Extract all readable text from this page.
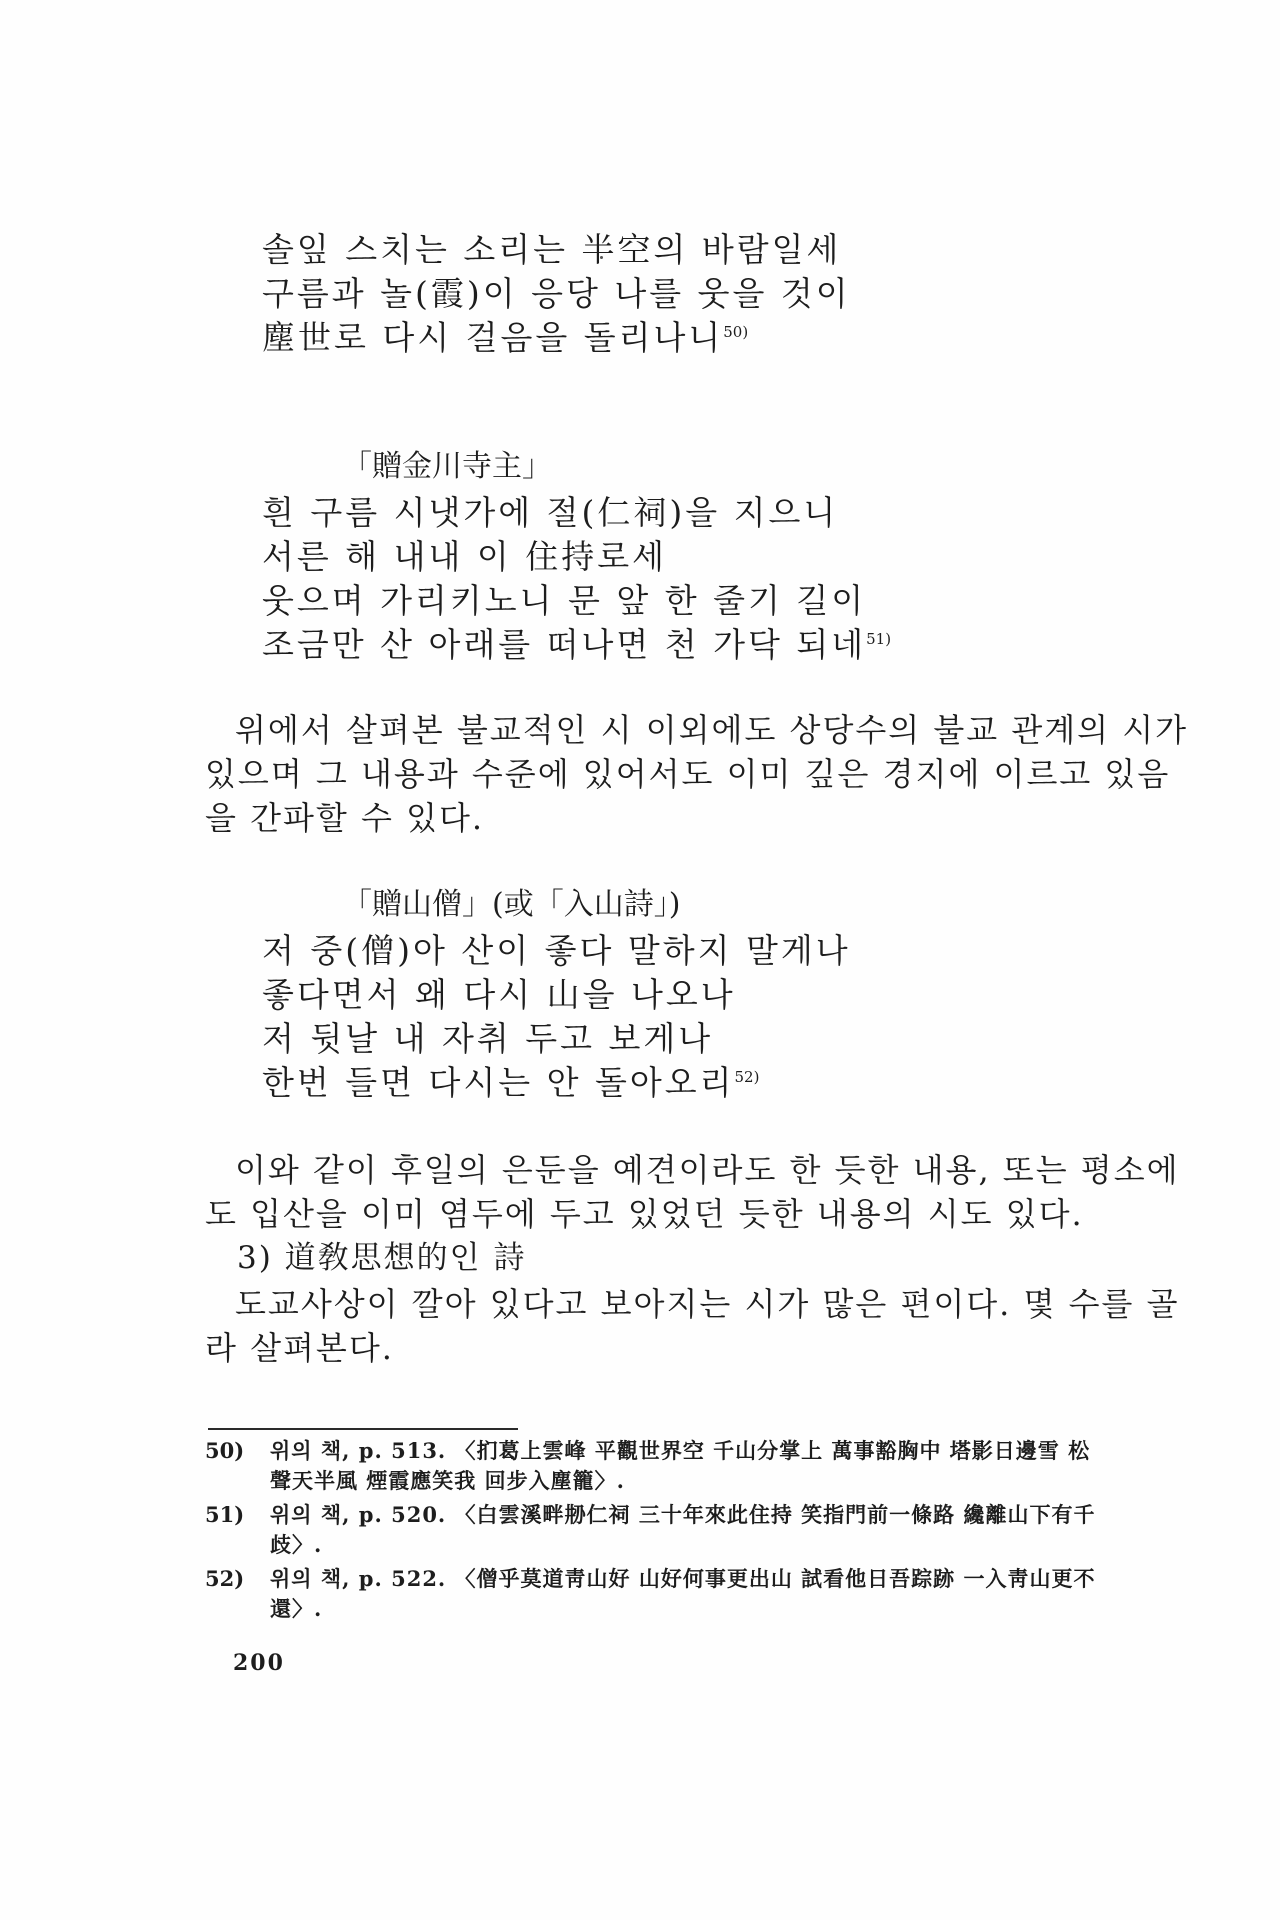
솔잎 스치는 소리는 半空의 바람일세
구름과 놀(霞)이 응당 나를 웃을 것이
塵世로 다시 걸음을 돌리나니$^{50)}$
「贈金川寺主」
흰 구름 시냇가에 절(仁祠)을 지으니
서른 해 내내 이 住持로세
웃으며 가리키노니 문 앞 한 줄기 길이
조금만 산 아래를 떠나면 천 가닥 되네$^{51)}$
위에서 살펴본 불교적인 시 이외에도 상당수의 불교 관계의 시가
있으며 그 내용과 수준에 있어서도 이미 깊은 경지에 이르고 있음
을 간파할 수 있다.
「贈山僧」(或「入山詩」)
저 중(僧)아 산이 좋다 말하지 말게나
좋다면서 왜 다시 山을 나오나
저 뒷날 내 자취 두고 보게나
한번 들면 다시는 안 돌아오리$^{52)}$
이와 같이 후일의 은둔을 예견이라도 한 듯한 내용, 또는 평소에
도 입산을 이미 염두에 두고 있었던 듯한 내용의 시도 있다.
3) 道敎思想的인 詩
도교사상이 깔아 있다고 보아지는 시가 많은 편이다. 몇 수를 골
라 살펴본다.
50)	위의 책, p. 513. 〈扪葛上雲峰 平觀世界空 千山分掌上 萬事豁胸中 塔影日邊雪 松聲天半風 煙霞應笑我 回步入塵籠〉.
51)	위의 책, p. 520. 〈白雲溪畔刱仁祠 三十年來此住持 笑指門前一條路 纔離山下有千歧〉.
52)	위의 책, p. 522. 〈僧乎莫道靑山好 山好何事更出山 試看他日吾踪跡 一入靑山更不還〉.
200
